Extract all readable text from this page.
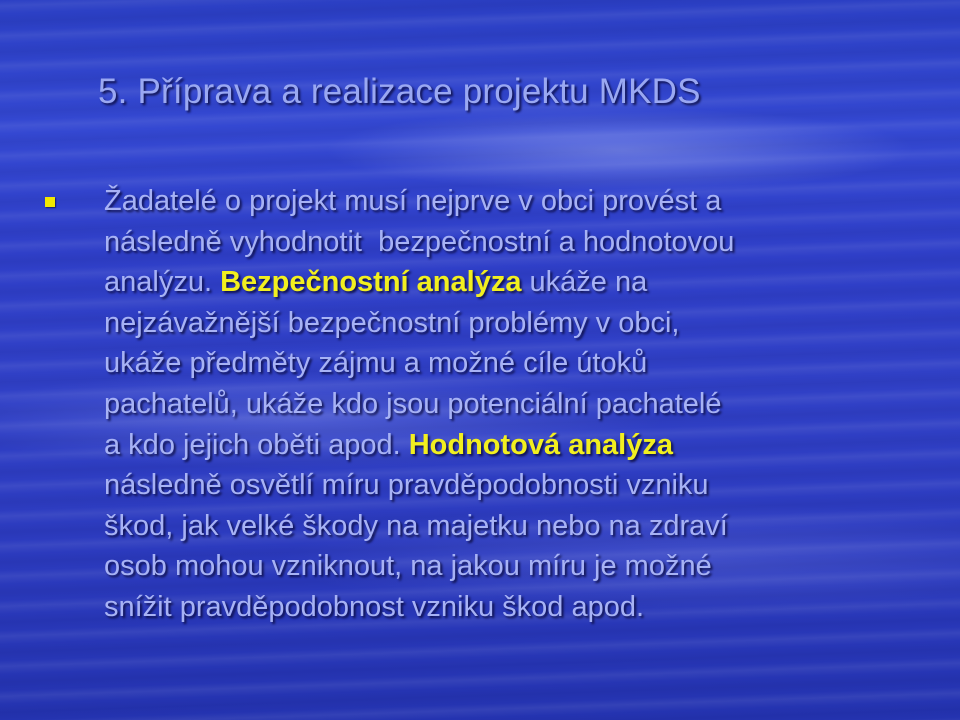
5. Příprava a realizace projektu MKDS
Žadatelé o projekt musí nejprve v obci provést a
následně vyhodnotit  bezpečnostní a hodnotovou
analýzu. Bezpečnostní analýza ukáže na
nejzávažnější bezpečnostní problémy v obci,
ukáže předměty zájmu a možné cíle útoků
pachatelů, ukáže kdo jsou potenciální pachatelé
a kdo jejich oběti apod. Hodnotová analýza
následně osvětlí míru pravděpodobnosti vzniku
škod, jak velké škody na majetku nebo na zdraví
osob mohou vzniknout, na jakou míru je možné
snížit pravděpodobnost vzniku škod apod.
